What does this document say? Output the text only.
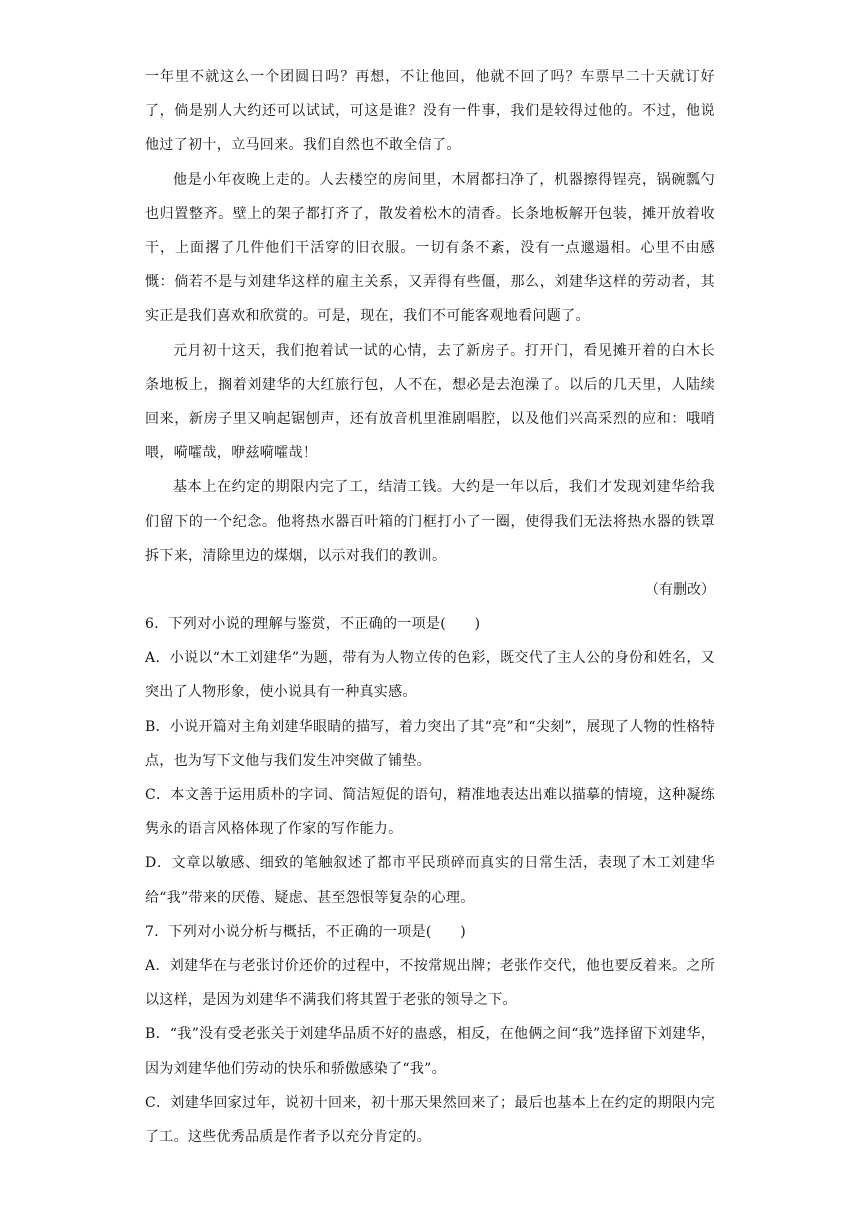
一年里不就这么一个团圆日吗？再想，不让他回，他就不回了吗？车票早二十天就订好了，倘是别人大约还可以试试，可这是谁？没有一件事，我们是较得过他的。不过，他说他过了初十，立马回来。我们自然也不敢全信了。

他是小年夜晚上走的。人去楼空的房间里，木屑都扫净了，机器擦得锃亮，锅碗瓢勺也归置整齐。壁上的架子都打齐了，散发着松木的清香。长条地板解开包装，摊开放着收干，上面撂了几件他们干活穿的旧衣服。一切有条不紊，没有一点邋遢相。心里不由感慨：倘若不是与刘建华这样的雇主关系，又弄得有些僵，那么，刘建华这样的劳动者，其实正是我们喜欢和欣赏的。可是，现在，我们不可能客观地看问题了。

元月初十这天，我们抱着试一试的心情，去了新房子。打开门，看见摊开着的白木长条地板上，搁着刘建华的大红旅行包，人不在，想必是去泡澡了。以后的几天里，人陆续回来，新房子里又响起锯刨声，还有放音机里淮剧唱腔，以及他们兴高采烈的应和：哦哨喂，嗬嚯哉，咿兹嗬嚯哉！

基本上在约定的期限内完了工，结清工钱。大约是一年以后，我们才发现刘建华给我们留下的一个纪念。他将热水器百叶箱的门框打小了一圈，使得我们无法将热水器的铁罩拆下来，清除里边的煤烟，以示对我们的教训。

（有删改）

6．下列对小说的理解与鉴赏，不正确的一项是(　　)

A．小说以“木工刘建华”为题，带有为人物立传的色彩，既交代了主人公的身份和姓名，又突出了人物形象，使小说具有一种真实感。

B．小说开篇对主角刘建华眼睛的描写，着力突出了其“亮”和“尖刻”，展现了人物的性格特点，也为写下文他与我们发生冲突做了铺垫。

C．本文善于运用质朴的字词、简洁短促的语句，精准地表达出难以描摹的情境，这种凝练隽永的语言风格体现了作家的写作能力。

D．文章以敏感、细致的笔触叙述了都市平民琐碎而真实的日常生活，表现了木工刘建华给“我”带来的厌倦、疑虑、甚至怨恨等复杂的心理。

7．下列对小说分析与概括，不正确的一项是(　　)

A．刘建华在与老张讨价还价的过程中，不按常规出牌；老张作交代，他也要反着来。之所以这样，是因为刘建华不满我们将其置于老张的领导之下。

B．“我”没有受老张关于刘建华品质不好的蛊惑，相反，在他俩之间“我”选择留下刘建华，因为刘建华他们劳动的快乐和骄傲感染了“我”。

C．刘建华回家过年，说初十回来，初十那天果然回来了；最后也基本上在约定的期限内完了工。这些优秀品质是作者予以充分肯定的。
